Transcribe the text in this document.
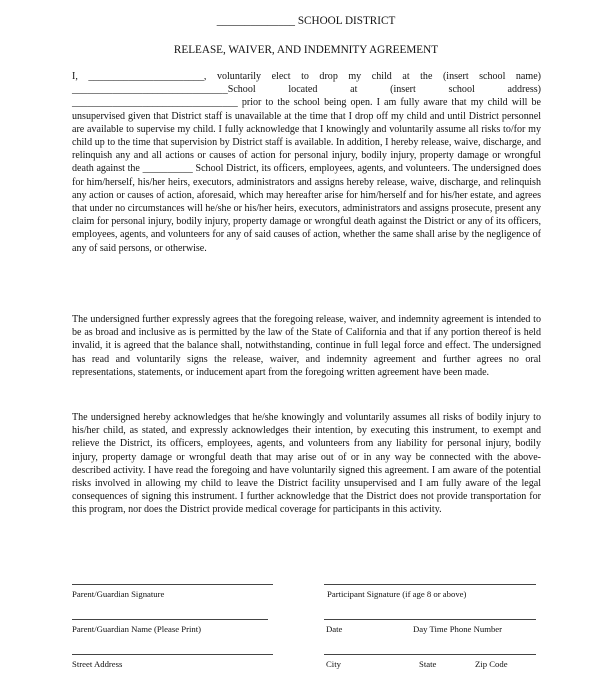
______________ SCHOOL DISTRICT
RELEASE, WAIVER, AND INDEMNITY AGREEMENT
I, _______________________, voluntarily elect to drop my child at the (insert school name) _______________________________School located at (insert school address) _________________________________ prior to the school being open. I am fully aware that my child will be unsupervised given that District staff is unavailable at the time that I drop off my child and until District personnel are available to supervise my child. I fully acknowledge that I knowingly and voluntarily assume all risks to/for my child up to the time that supervision by District staff is available. In addition, I hereby release, waive, discharge, and relinquish any and all actions or causes of action for personal injury, bodily injury, property damage or wrongful death against the __________ School District, its officers, employees, agents, and volunteers. The undersigned does for him/herself, his/her heirs, executors, administrators and assigns hereby release, waive, discharge, and relinquish any action or causes of action, aforesaid, which may hereafter arise for him/herself and for his/her estate, and agrees that under no circumstances will he/she or his/her heirs, executors, administrators and assigns prosecute, present any claim for personal injury, bodily injury, property damage or wrongful death against the District or any of its officers, employees, agents, and volunteers for any of said causes of action, whether the same shall arise by the negligence of any of said persons, or otherwise.
The undersigned further expressly agrees that the foregoing release, waiver, and indemnity agreement is intended to be as broad and inclusive as is permitted by the law of the State of California and that if any portion thereof is held invalid, it is agreed that the balance shall, notwithstanding, continue in full legal force and effect. The undersigned has read and voluntarily signs the release, waiver, and indemnity agreement and further agrees no oral representations, statements, or inducement apart from the foregoing written agreement have been made.
The undersigned hereby acknowledges that he/she knowingly and voluntarily assumes all risks of bodily injury to his/her child, as stated, and expressly acknowledges their intention, by executing this instrument, to exempt and relieve the District, its officers, employees, agents, and volunteers from any liability for personal injury, bodily injury, property damage or wrongful death that may arise out of or in any way be connected with the above-described activity. I have read the foregoing and have voluntarily signed this agreement. I am aware of the potential risks involved in allowing my child to leave the District facility unsupervised and I am fully aware of the legal consequences of signing this instrument. I further acknowledge that the District does not provide transportation for this program, nor does the District provide medical coverage for participants in this activity.
Parent/Guardian Signature	Participant Signature (if age 8 or above)
Parent/Guardian Name (Please Print)	Date	Day Time Phone Number
Street Address	City	State	Zip Code
